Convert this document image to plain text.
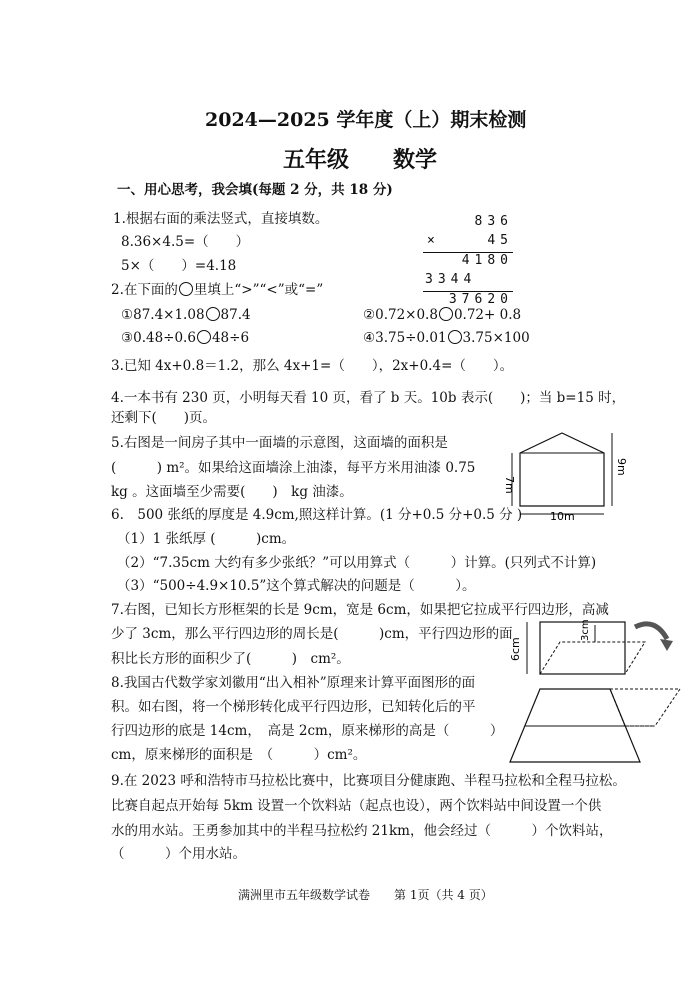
2024—2025 学年度（上）期末检测
五年级　　数学
一、用心思考，我会填(每题 2 分，共 18 分)
1.根据右面的乘法竖式，直接填数。
8.36×4.5=（　　）
5×（　　）=4.18
836
×	45
4180
3344
37620
2.在下面的 里填上“>”“<”或“=”
①87.4×1.08 87.4	②0.72×0.8 0.72+ 0.8
③0.48÷0.6 48÷6	④3.75÷0.01 3.75×100
3.已知 4x+0.8＝1.2，那么 4x+1=（　　），2x+0.4=（　　）。
4.一本书有 230 页，小明每天看 10 页，看了 b 天。10b 表示(　　)；当 b=15 时，
还剩下(　　)页。
5.右图是一间房子其中一面墙的示意图，这面墙的面积是
(　　　) m²。如果给这面墙涂上油漆，每平方米用油漆 0.75
kg 。这面墙至少需要(　　)　kg 油漆。	7m
9m
10m
6.　500 张纸的厚度是 4.9cm,照这样计算。(1 分+0.5 分+0.5 分 )
（1）1 张纸厚 (　　　)cm。
（2）“7.35cm 大约有多少张纸？”可以用算式（　　　）计算。(只列式不计算)
（3）“500÷4.9×10.5”这个算式解决的问题是（　　　）。
7.右图，已知长方形框架的长是 9cm，宽是 6cm，如果把它拉成平行四边形，高减
少了 3cm，那么平行四边形的周长是(　　　)cm，平行四边形的面
积比长方形的面积少了(　　　)　cm²。	6cm
3cm
8.我国古代数学家刘徽用“出入相补”原理来计算平面图形的面
积。如右图，将一个梯形转化成平行四边形，已知转化后的平
行四边形的底是 14cm，　高是 2cm，原来梯形的高是（　　　）
cm，原来梯形的面积是　（　　　）cm²。
9.在 2023 呼和浩特市马拉松比赛中，比赛项目分健康跑、半程马拉松和全程马拉松。
比赛自起点开始每 5km 设置一个饮料站（起点也设），两个饮料站中间设置一个供
水的用水站。王勇参加其中的半程马拉松约 21km，他会经过（　　　）个饮料站，
（　　　）个用水站。
满洲里市五年级数学试卷　　第 1页（共 4 页）
